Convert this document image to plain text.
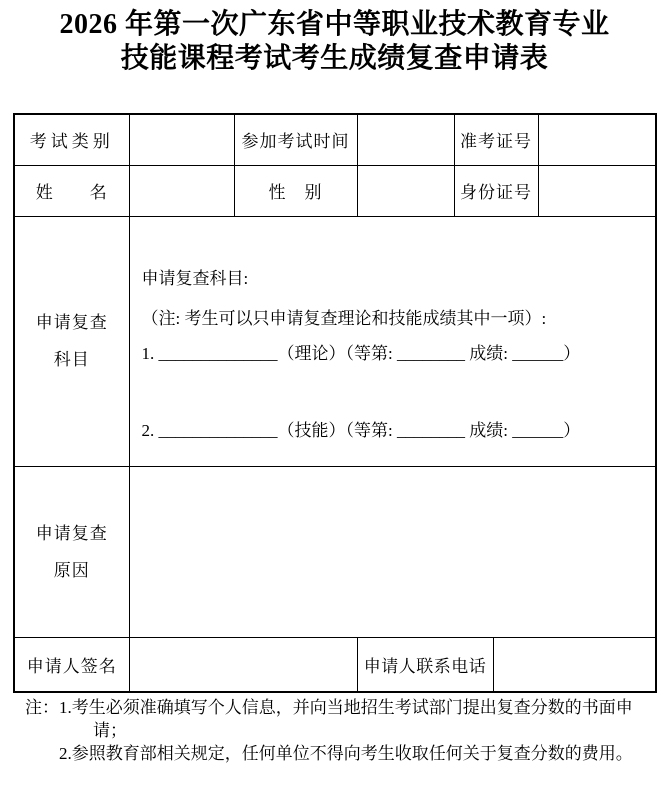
2026 年第一次广东省中等职业技术教育专业
技能课程考试考生成绩复查申请表
考试类别		参加考试时间		准考证号		
姓　　名		性　别		身份证号		

申请复查
科目

申请复查科目:
（注: 考生可以只申请复查理论和技能成绩其中一项）:
1. ______________（理论）（等第: ________ 成绩: ______）
2. ______________（技能）（等第: ________ 成绩: ______）

申请复查
原因						

申请人签名			申请人联系电话			
注： 1.考生必须准确填写个人信息，并向当地招生考试部门提出复查分数的书面申请；
2.参照教育部相关规定，任何单位不得向考生收取任何关于复查分数的费用。
